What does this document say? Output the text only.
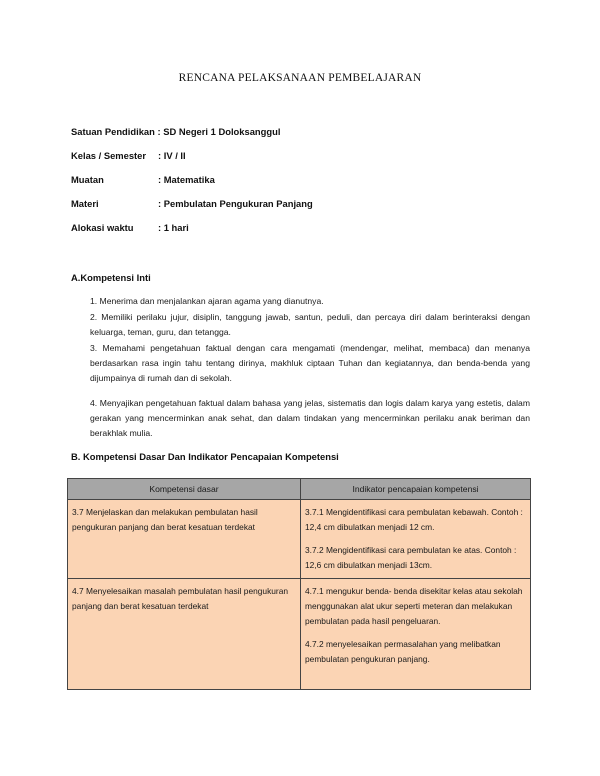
RENCANA PELAKSANAAN PEMBELAJARAN
Satuan Pendidikan : SD Negeri 1 Doloksanggul
Kelas / Semester : IV / II
Muatan	: Matematika
Materi	: Pembulatan Pengukuran Panjang
Alokasi waktu	: 1 hari
A.Kompetensi Inti
1. Menerima dan menjalankan ajaran agama yang dianutnya.
2. Memiliki perilaku jujur, disiplin, tanggung jawab, santun, peduli, dan percaya diri dalam berinteraksi dengan keluarga, teman, guru, dan tetangga.
3. Memahami pengetahuan faktual dengan cara mengamati (mendengar, melihat, membaca) dan menanya berdasarkan rasa ingin tahu tentang dirinya, makhluk ciptaan Tuhan dan kegiatannya, dan benda-benda yang dijumpainya di rumah dan di sekolah.
4. Menyajikan pengetahuan faktual dalam bahasa yang jelas, sistematis dan logis dalam karya yang estetis, dalam gerakan yang mencerminkan anak sehat, dan dalam tindakan yang mencerminkan perilaku anak beriman dan berakhlak mulia.
B. Kompetensi Dasar Dan Indikator Pencapaian Kompetensi
Kompetensi dasar	Indikator pencapaian kompetensi

3.7 Menjelaskan dan melakukan pembulatan hasil pengukuran panjang dan berat kesatuan terdekat	3.7.1 Mengidentifikasi cara pembulatan kebawah. Contoh : 12,4 cm dibulatkan menjadi 12 cm.

3.7.2 Mengidentifikasi cara pembulatan ke atas. Contoh : 12,6 cm dibulatkan menjadi 13cm.

4.7 Menyelesaikan masalah pembulatan hasil pengukuran panjang dan berat kesatuan terdekat	4.7.1 mengukur benda- benda disekitar kelas atau sekolah menggunakan alat ukur seperti meteran dan melakukan pembulatan pada hasil pengeluaran.

4.7.2 menyelesaikan permasalahan yang melibatkan pembulatan pengukuran panjang.
